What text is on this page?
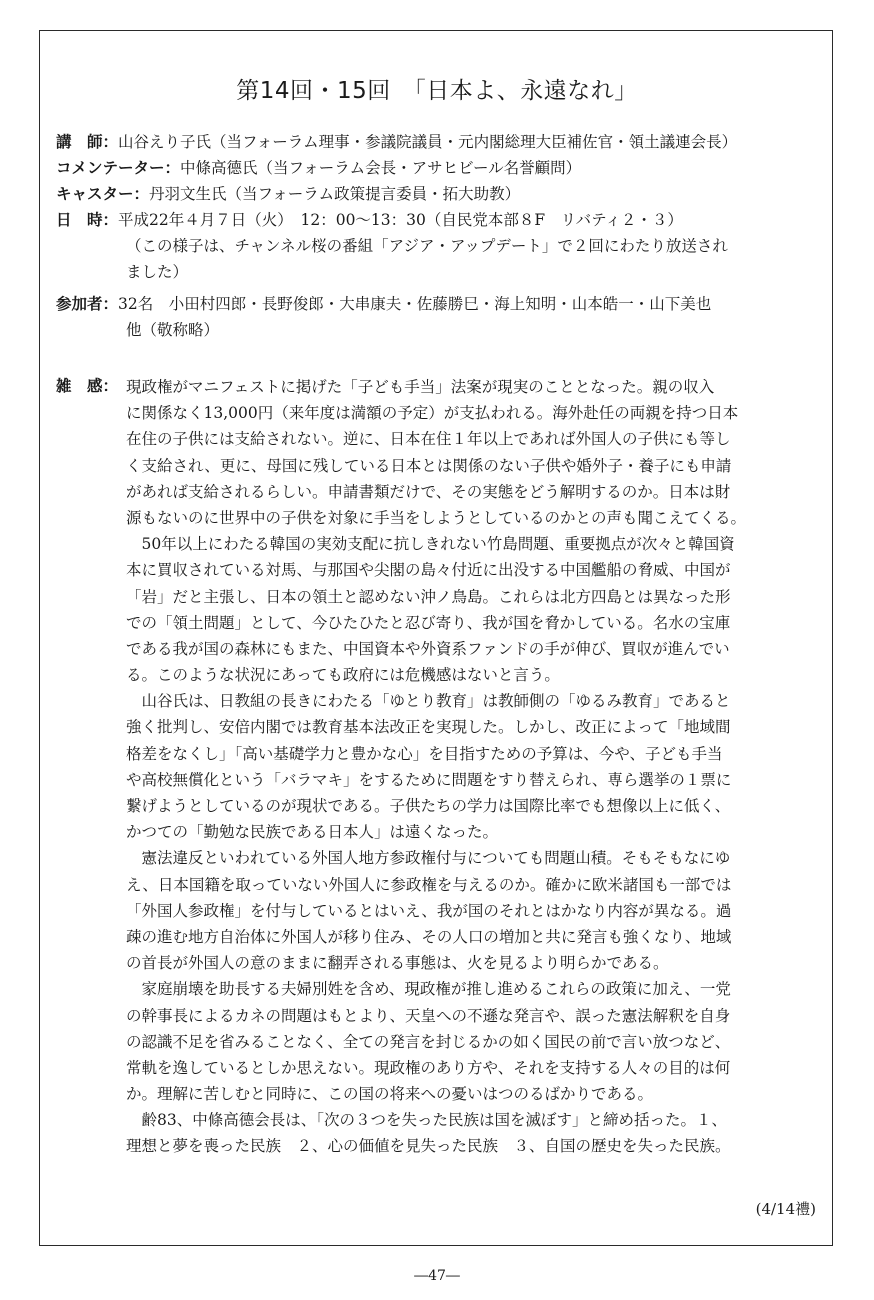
第14回・15回　「日本よ、永遠なれ」
講　師：山谷えり子氏（当フォーラム理事・参議院議員・元内閣総理大臣補佐官・領土議連会長）
コメンテーター：中條高德氏（当フォーラム会長・アサヒビール名誉顧問）
キャスター：丹羽文生氏（当フォーラム政策提言委員・拓大助教）
日　時：平成22年４月７日（火）　12：00～13：30（自民党本部８F　リバティ２・３）
（この様子は、チャンネル桜の番組「アジア・アップデート」で２回にわたり放送され
ました）
参加者：32名　小田村四郎・長野俊郎・大串康夫・佐藤勝巳・海上知明・山本皓一・山下美也
他（敬称略）
雑　感： 現政権がマニフェストに掲げた「子ども手当」法案が現実のこととなった。親の収入
に関係なく13,000円（来年度は満額の予定）が支払われる。海外赴任の両親を持つ日本
在住の子供には支給されない。逆に、日本在住１年以上であれば外国人の子供にも等し
く支給され、更に、母国に残している日本とは関係のない子供や婚外子・養子にも申請
があれば支給されるらしい。申請書類だけで、その実態をどう解明するのか。日本は財
源もないのに世界中の子供を対象に手当をしようとしているのかとの声も聞こえてくる。
　50年以上にわたる韓国の実効支配に抗しきれない竹島問題、重要拠点が次々と韓国資
本に買収されている対馬、与那国や尖閣の島々付近に出没する中国艦船の脅威、中国が
「岩」だと主張し、日本の領土と認めない沖ノ鳥島。これらは北方四島とは異なった形
での「領土問題」として、今ひたひたと忍び寄り、我が国を脅かしている。名水の宝庫
である我が国の森林にもまた、中国資本や外資系ファンドの手が伸び、買収が進んでい
る。このような状況にあっても政府には危機感はないと言う。
　山谷氏は、日教組の長きにわたる「ゆとり教育」は教師側の「ゆるみ教育」であると
強く批判し、安倍内閣では教育基本法改正を実現した。しかし、改正によって「地域間
格差をなくし」「高い基礎学力と豊かな心」を目指すための予算は、今や、子ども手当
や高校無償化という「バラマキ」をするために問題をすり替えられ、専ら選挙の１票に
繋げようとしているのが現状である。子供たちの学力は国際比率でも想像以上に低く、
かつての「勤勉な民族である日本人」は遠くなった。
　憲法違反といわれている外国人地方参政権付与についても問題山積。そもそもなにゆ
え、日本国籍を取っていない外国人に参政権を与えるのか。確かに欧米諸国も一部では
「外国人参政権」を付与しているとはいえ、我が国のそれとはかなり内容が異なる。過
疎の進む地方自治体に外国人が移り住み、その人口の増加と共に発言も強くなり、地域
の首長が外国人の意のままに翻弄される事態は、火を見るより明らかである。
　家庭崩壊を助長する夫婦別姓を含め、現政権が推し進めるこれらの政策に加え、一党
の幹事長によるカネの問題はもとより、天皇への不遜な発言や、誤った憲法解釈を自身
の認識不足を省みることなく、全ての発言を封じるかの如く国民の前で言い放つなど、
常軌を逸しているとしか思えない。現政権のあり方や、それを支持する人々の目的は何
か。理解に苦しむと同時に、この国の将来への憂いはつのるばかりである。
　齢83、中條高德会長は、「次の３つを失った民族は国を滅ぼす」と締め括った。１、
理想と夢を喪った民族　２、心の価値を見失った民族　３、自国の歴史を失った民族。
(4/14禮)
―47―
